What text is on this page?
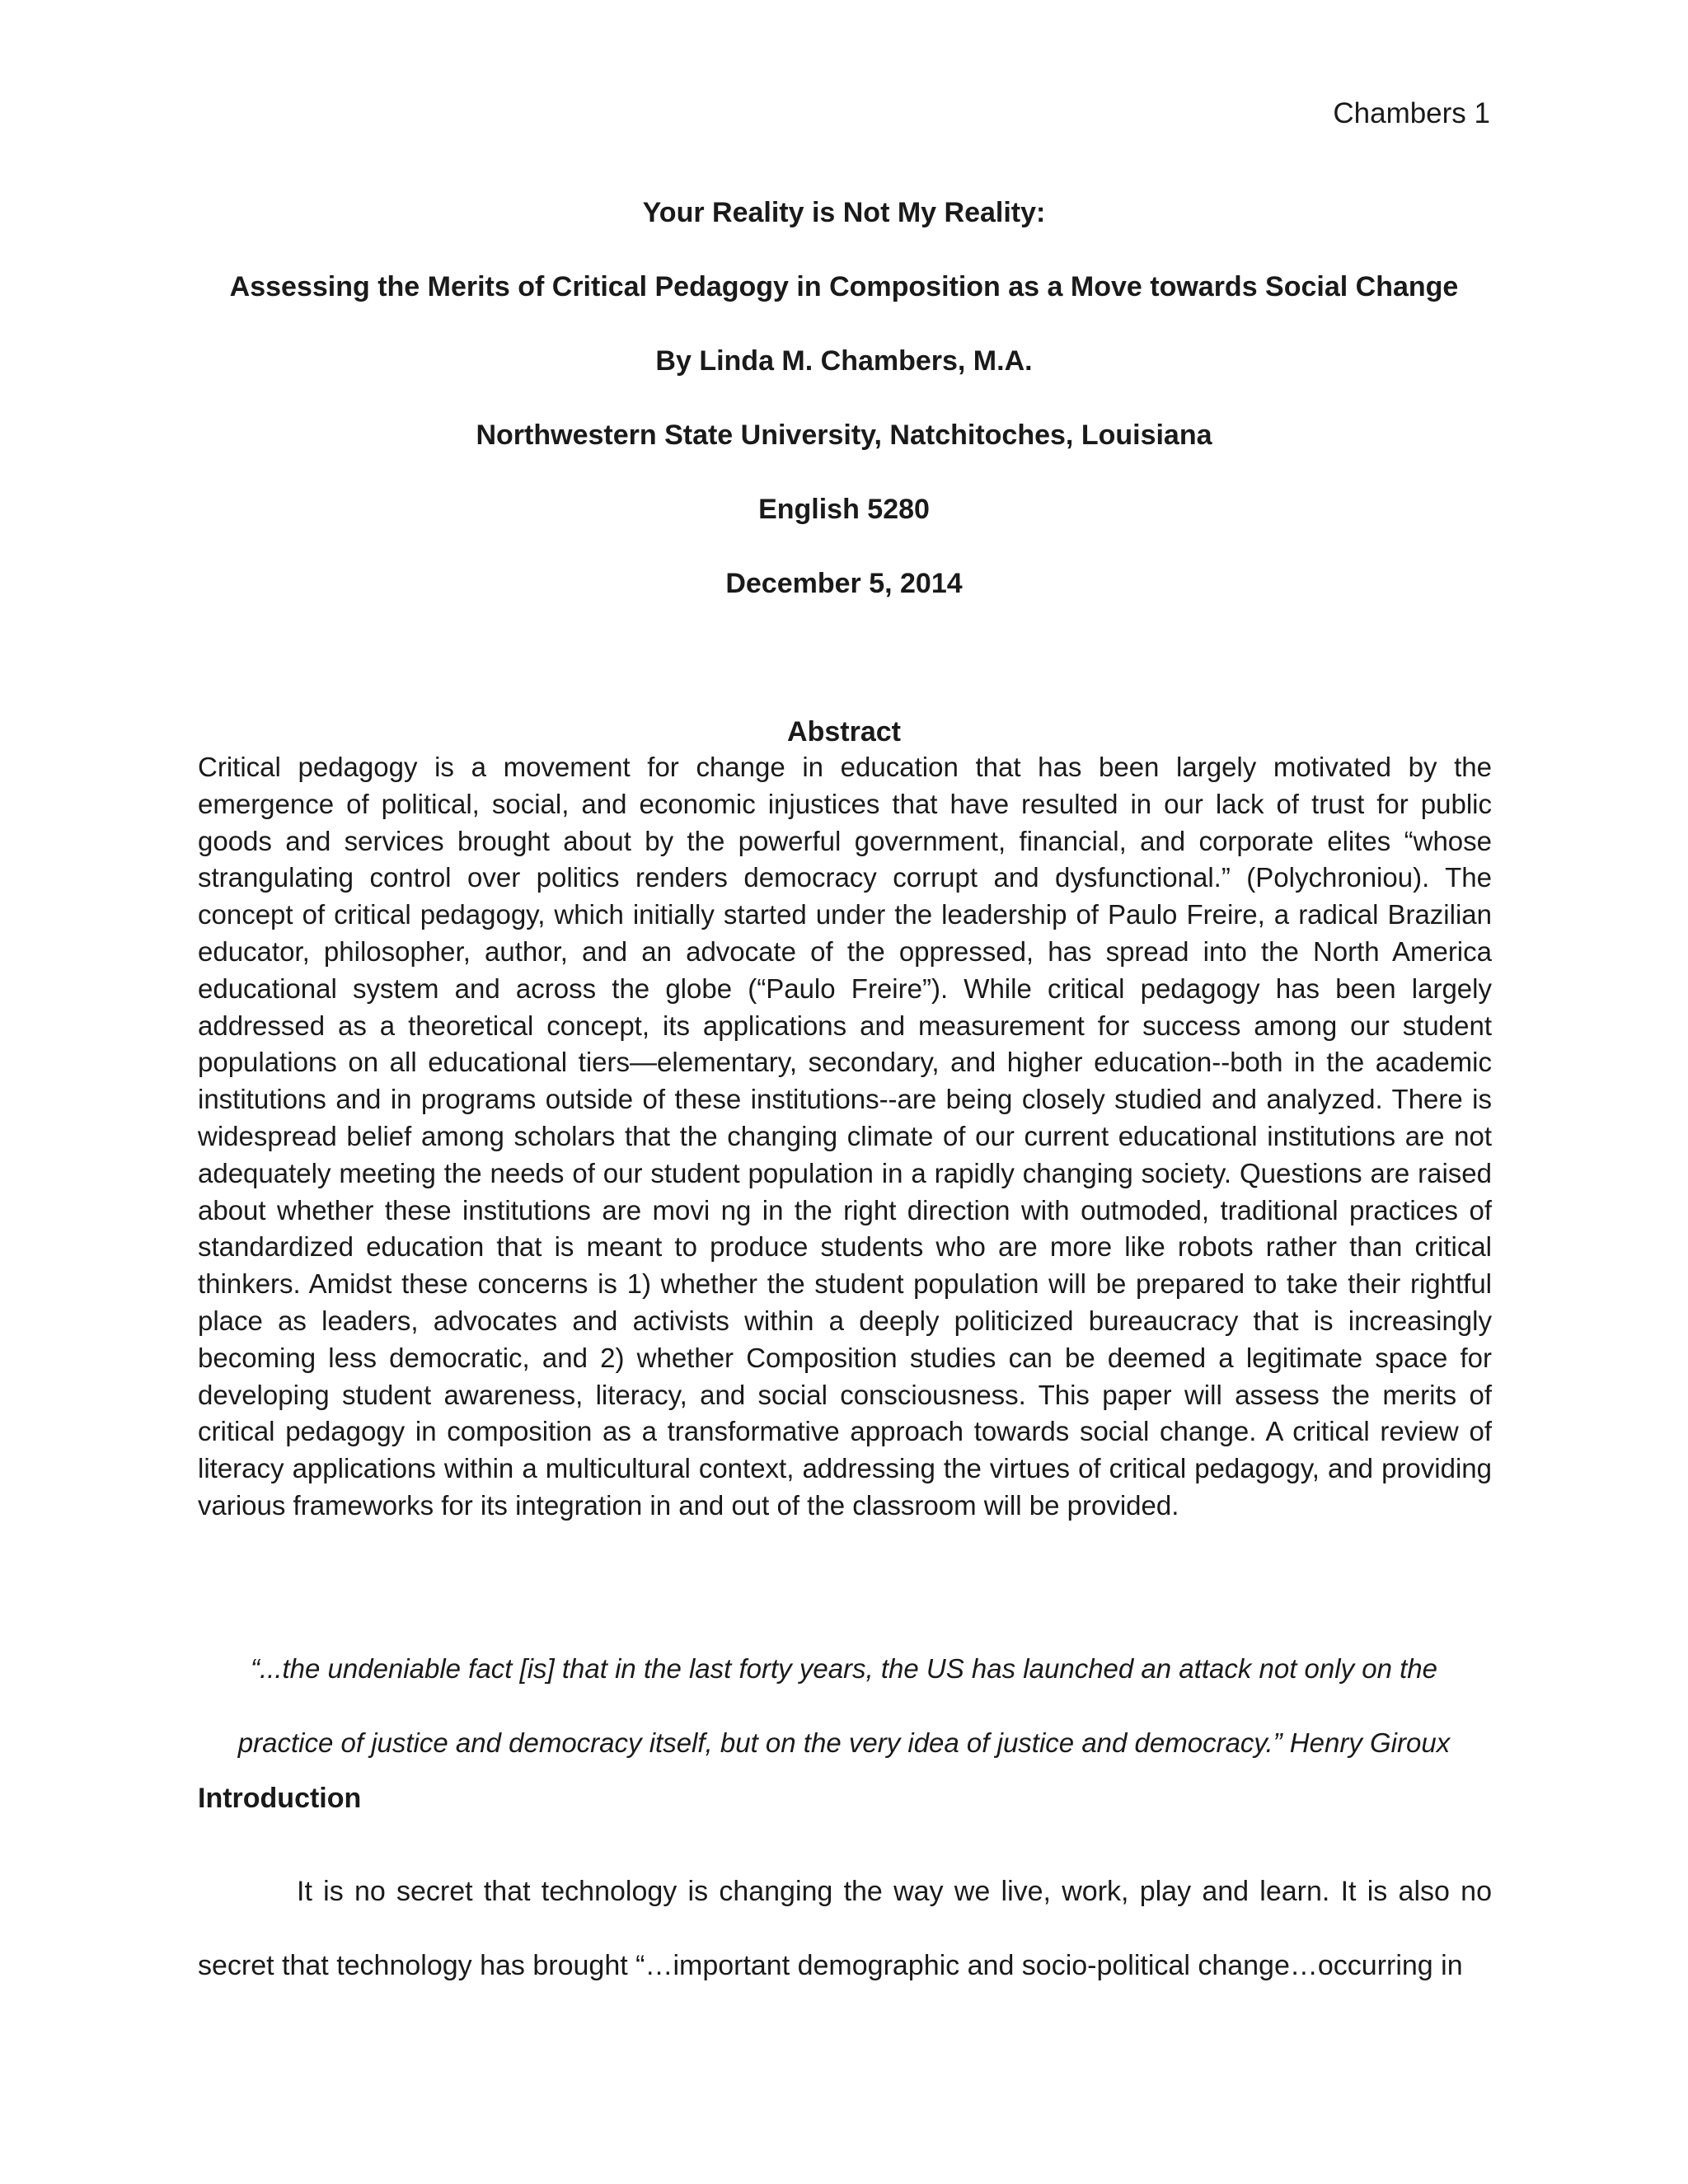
Chambers 1

Your Reality is Not My Reality:

Assessing the Merits of Critical Pedagogy in Composition as a Move towards Social Change

By Linda M. Chambers, M.A.

Northwestern State University, Natchitoches, Louisiana

English 5280

December 5, 2014

Abstract
Critical pedagogy is a movement for change in education that has been largely motivated by the emergence of political, social, and economic injustices that have resulted in our lack of trust for public goods and services brought about by the powerful government, financial, and corporate elites “whose strangulating control over politics renders democracy corrupt and dysfunctional.” (Polychroniou). The concept of critical pedagogy, which initially started under the leadership of Paulo Freire, a radical Brazilian educator, philosopher, author, and an advocate of the oppressed, has spread into the North America educational system and across the globe (“Paulo Freire”). While critical pedagogy has been largely addressed as a theoretical concept, its applications and measurement for success among our student populations on all educational tiers—elementary, secondary, and higher education--both in the academic institutions and in programs outside of these institutions--are being closely studied and analyzed. There is widespread belief among scholars that the changing climate of our current educational institutions are not adequately meeting the needs of our student population in a rapidly changing society. Questions are raised about whether these institutions are movi ng in the right direction with outmoded, traditional practices of standardized education that is meant to produce students who are more like robots rather than critical thinkers. Amidst these concerns is 1) whether the student population will be prepared to take their rightful place as leaders, advocates and activists within a deeply politicized bureaucracy that is increasingly becoming less democratic, and 2) whether Composition studies can be deemed a legitimate space for developing student awareness, literacy, and social consciousness. This paper will assess the merits of critical pedagogy in composition as a transformative approach towards social change. A critical review of literacy applications within a multicultural context, addressing the virtues of critical pedagogy, and providing various frameworks for its integration in and out of the classroom will be provided.
“...the undeniable fact [is] that in the last forty years, the US has launched an attack not only on the
practice of justice and democracy itself, but on the very idea of justice and democracy.” Henry Giroux
Introduction
It is no secret that technology is changing the way we live, work, play and learn. It is also no secret that technology has brought “…important demographic and socio-political change…occurring in
